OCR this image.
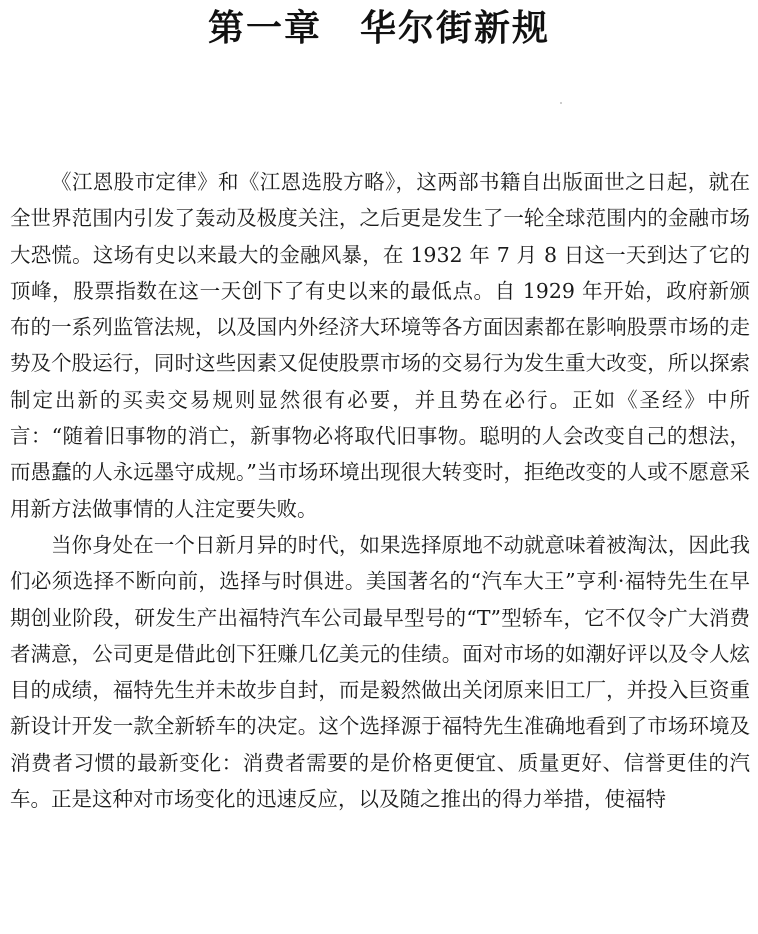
第一章　华尔街新规

《江恩股市定律》和《江恩选股方略》，这两部书籍自出版面世之日起，就在全世界范围内引发了轰动及极度关注，之后更是发生了一轮全球范围内的金融市场大恐慌。这场有史以来最大的金融风暴，在 1932 年 7 月 8 日这一天到达了它的顶峰，股票指数在这一天创下了有史以来的最低点。自 1929 年开始，政府新颁布的一系列监管法规，以及国内外经济大环境等各方面因素都在影响股票市场的走势及个股运行，同时这些因素又促使股票市场的交易行为发生重大改变，所以探索制定出新的买卖交易规则显然很有必要，并且势在必行。正如《圣经》中所言：“随着旧事物的消亡，新事物必将取代旧事物。聪明的人会改变自己的想法，而愚蠢的人永远墨守成规。”当市场环境出现很大转变时，拒绝改变的人或不愿意采用新方法做事情的人注定要失败。

当你身处在一个日新月异的时代，如果选择原地不动就意味着被淘汰，因此我们必须选择不断向前，选择与时俱进。美国著名的“汽车大王”亨利·福特先生在早期创业阶段，研发生产出福特汽车公司最早型号的“T”型轿车，它不仅令广大消费者满意，公司更是借此创下狂赚几亿美元的佳绩。面对市场的如潮好评以及令人炫目的成绩，福特先生并未故步自封，而是毅然做出关闭原来旧工厂，并投入巨资重新设计开发一款全新轿车的决定。这个选择源于福特先生准确地看到了市场环境及消费者习惯的最新变化：消费者需要的是价格更便宜、质量更好、信誉更佳的汽车。正是这种对市场变化的迅速反应，以及随之推出的得力举措，使福特
